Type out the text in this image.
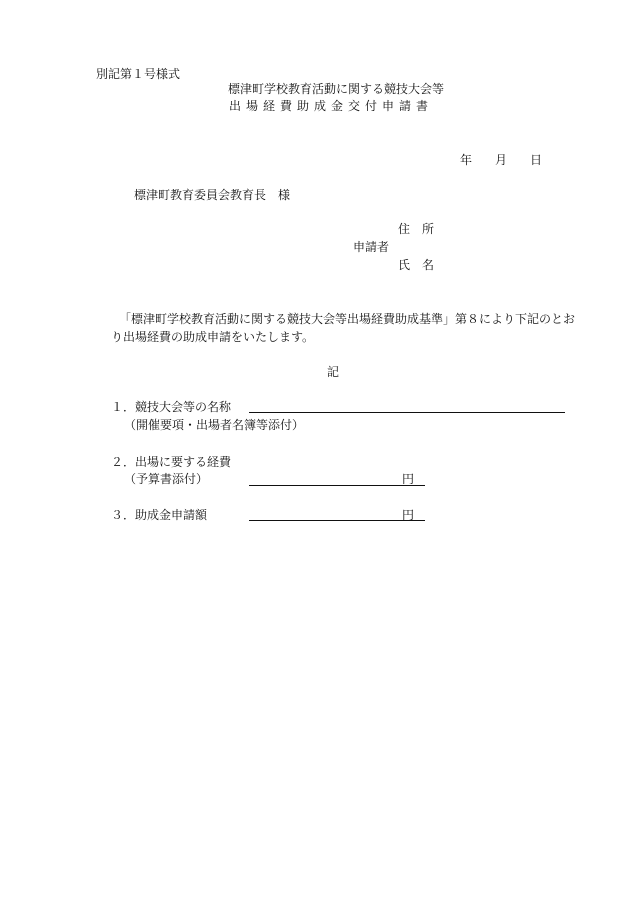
別記第１号様式
標津町学校教育活動に関する競技大会等
出場経費助成金交付申請書
年 月 日
標津町教育委員会教育長　様
住　所
申請者
氏　名
「標津町学校教育活動に関する競技大会等出場経費助成基準」第８により下記のとお
り出場経費の助成申請をいたします。
記
１． 競技大会等の名称
（開催要項・出場者名簿等添付）
２． 出場に要する経費
（予算書添付）	円
３． 助成金申請額	円
